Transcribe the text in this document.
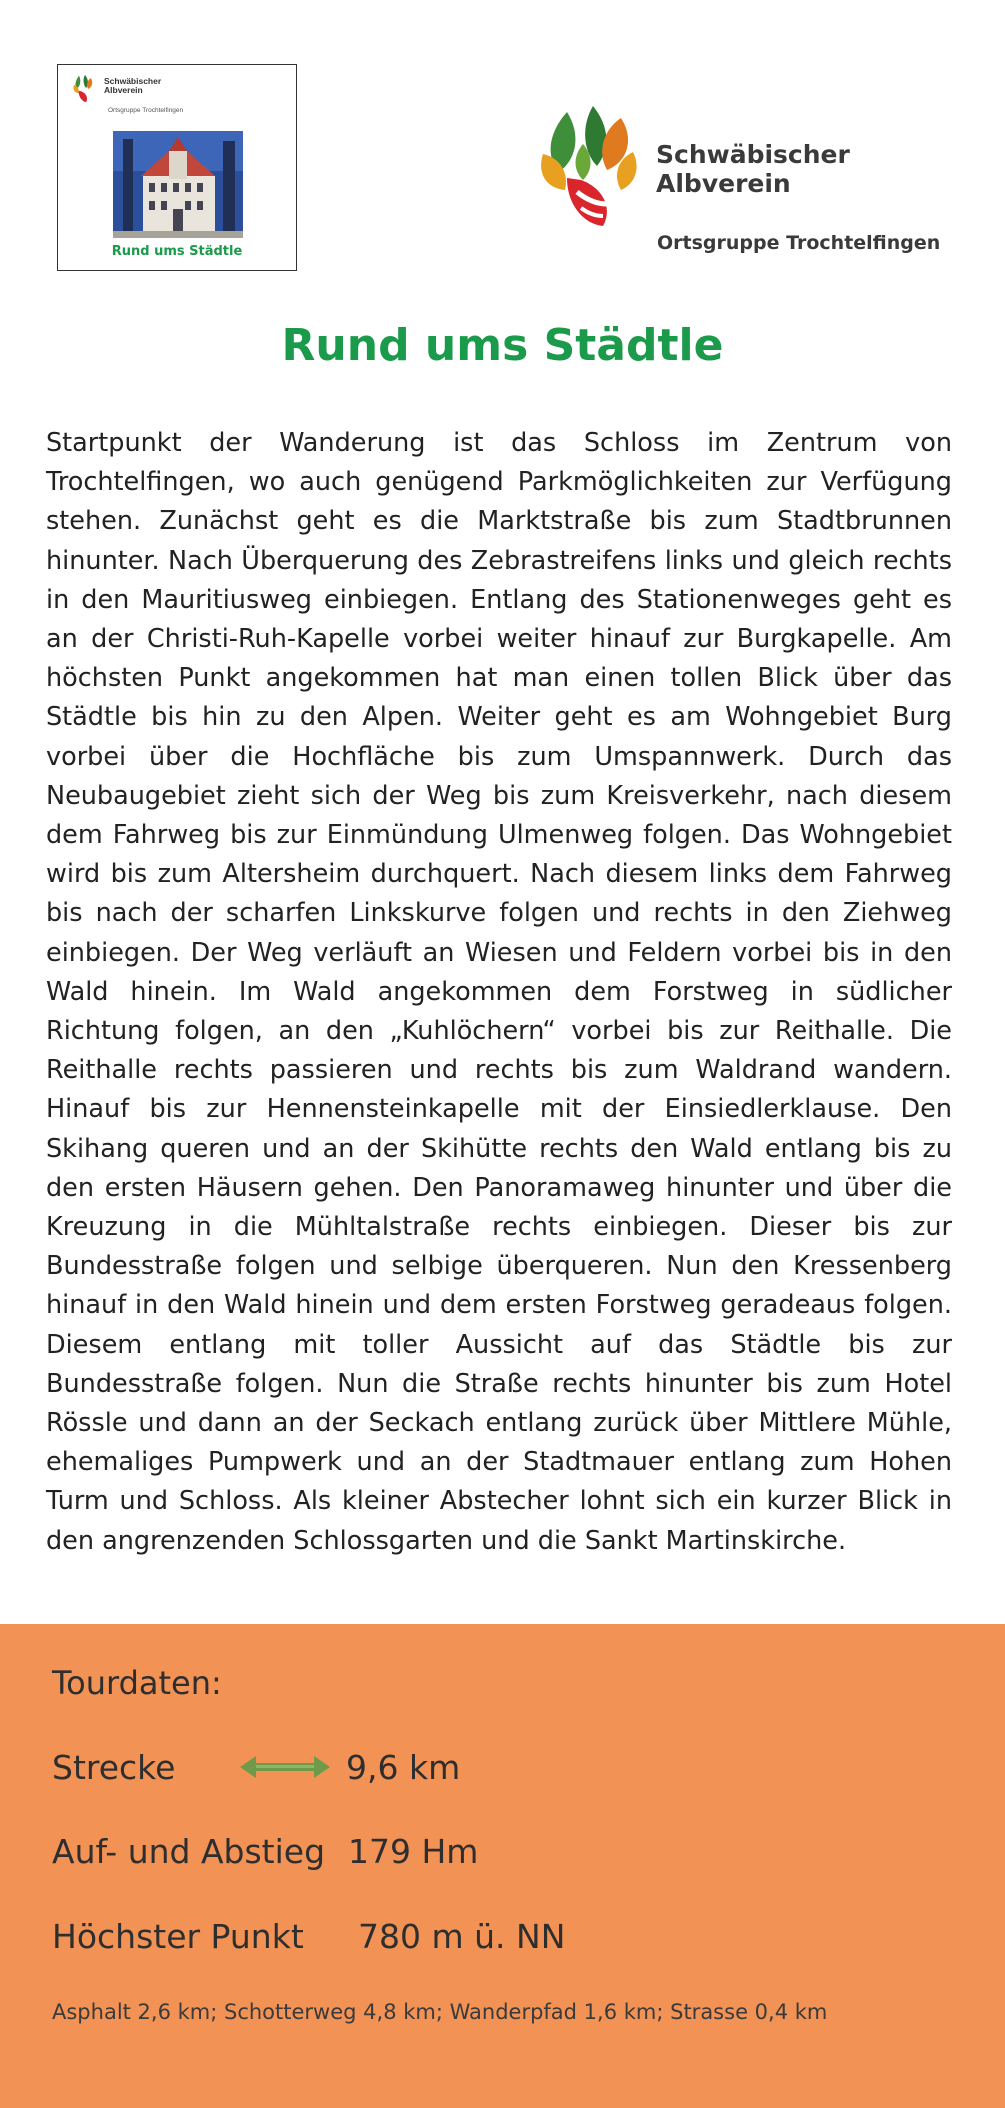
Schwäbischer
Albverein
Ortsgruppe Trochtelfingen
Rund ums Städtle
Schwäbischer
Albverein
Ortsgruppe Trochtelfingen
Rund ums Städtle

Startpunkt der Wanderung ist das Schloss im Zentrum von Trochtelfingen, wo auch genügend Parkmöglichkeiten zur Verfügung stehen. Zunächst geht es die Marktstraße bis zum Stadtbrunnen hinunter. Nach Überquerung des Zebrastreifens links und gleich rechts in den Mauritiusweg einbiegen. Entlang des Stationenweges geht es an der Christi-Ruh-Kapelle vorbei weiter hinauf zur Burgkapelle. Am höchsten Punkt angekommen hat man einen tollen Blick über das Städtle bis hin zu den Alpen. Weiter geht es am Wohngebiet Burg vorbei über die Hochfläche bis zum Umspannwerk. Durch das Neubaugebiet zieht sich der Weg bis zum Kreisverkehr, nach diesem dem Fahrweg bis zur Einmündung Ulmenweg folgen. Das Wohngebiet wird bis zum Altersheim durchquert. Nach diesem links dem Fahrweg bis nach der scharfen Linkskurve folgen und rechts in den Ziehweg einbiegen. Der Weg verläuft an Wiesen und Feldern vorbei bis in den Wald hinein. Im Wald angekommen dem Forstweg in südlicher Richtung folgen, an den „Kuhlöchern“ vorbei bis zur Reithalle. Die Reithalle rechts passieren und rechts bis zum Waldrand wandern. Hinauf bis zur Hennensteinkapelle mit der Einsiedlerklause. Den Skihang queren und an der Skihütte rechts den Wald entlang bis zu den ersten Häusern gehen. Den Panoramaweg hinunter und über die Kreuzung in die Mühltalstraße rechts einbiegen. Dieser bis zur Bundesstraße folgen und selbige überqueren. Nun den Kressenberg hinauf in den Wald hinein und dem ersten Forstweg geradeaus folgen. Diesem entlang mit toller Aussicht auf das Städtle bis zur Bundesstraße folgen. Nun die Straße rechts hinunter bis zum Hotel Rössle und dann an der Seckach entlang zurück über Mittlere Mühle, ehemaliges Pumpwerk und an der Stadtmauer entlang zum Hohen Turm und Schloss. Als kleiner Abstecher lohnt sich ein kurzer Blick in den angrenzenden Schlossgarten und die Sankt Martinskirche.

Tourdaten:
Strecke	9,6 km
Auf- und Abstieg 179 Hm
Höchster Punkt 780 m ü. NN
Asphalt 2,6 km; Schotterweg 4,8 km; Wanderpfad 1,6 km; Strasse 0,4 km
